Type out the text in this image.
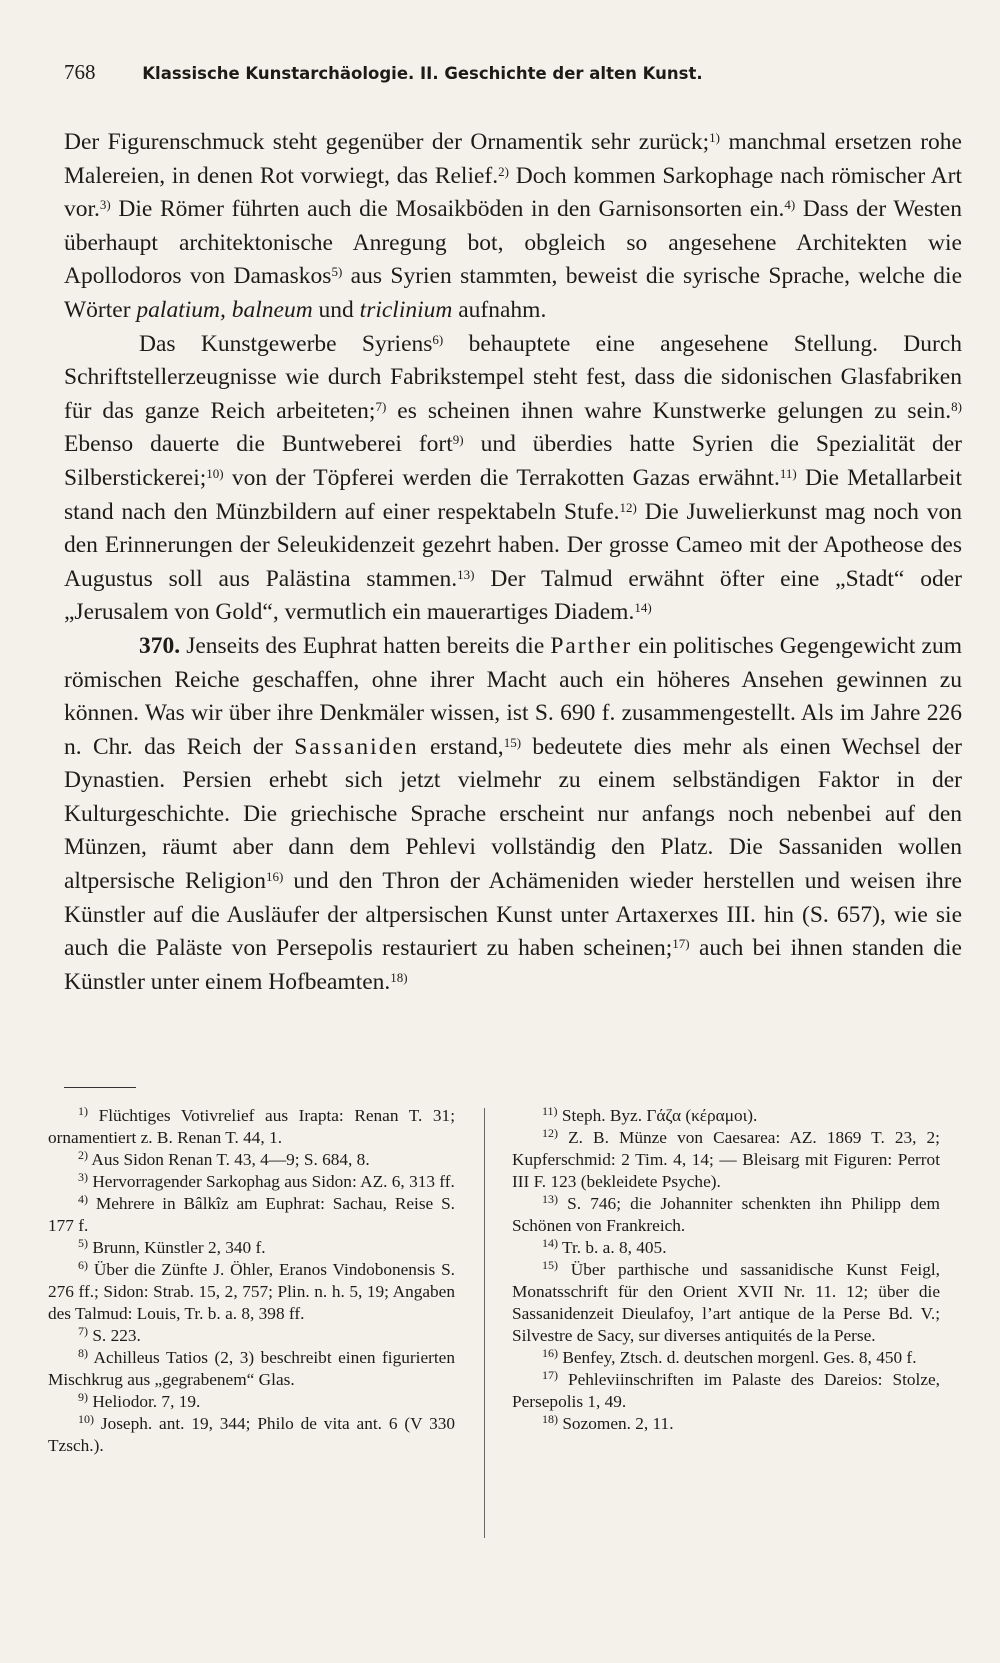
768	Klassische Kunstarchäologie. II. Geschichte der alten Kunst.

Der Figurenschmuck steht gegenüber der Ornamentik sehr zurück;$^{1)}$ manchmal ersetzen rohe Malereien, in denen Rot vorwiegt, das Relief.$^{2)}$ Doch kommen Sarkophage nach römischer Art vor.$^{3)}$ Die Römer führten auch die Mosaikböden in den Garnisonsorten ein.$^{4)}$ Dass der Westen überhaupt architektonische Anregung bot, obgleich so angesehene Architekten wie Apollodoros von Damaskos$^{5)}$ aus Syrien stammten, beweist die syrische Sprache, welche die Wörter palatium, balneum und triclinium aufnahm.

Das Kunstgewerbe Syriens$^{6)}$ behauptete eine angesehene Stellung. Durch Schriftstellerzeugnisse wie durch Fabrikstempel steht fest, dass die sidonischen Glasfabriken für das ganze Reich arbeiteten;$^{7)}$ es scheinen ihnen wahre Kunstwerke gelungen zu sein.$^{8)}$ Ebenso dauerte die Buntweberei fort$^{9)}$ und überdies hatte Syrien die Spezialität der Silberstickerei;$^{10)}$ von der Töpferei werden die Terrakotten Gazas erwähnt.$^{11)}$ Die Metallarbeit stand nach den Münzbildern auf einer respektabeln Stufe.$^{12)}$ Die Juwelierkunst mag noch von den Erinnerungen der Seleukidenzeit gezehrt haben. Der grosse Cameo mit der Apotheose des Augustus soll aus Palästina stammen.$^{13)}$ Der Talmud erwähnt öfter eine „Stadt“ oder „Jerusalem von Gold“, vermutlich ein mauerartiges Diadem.$^{14)}$

370. Jenseits des Euphrat hatten bereits die Parther ein politisches Gegengewicht zum römischen Reiche geschaffen, ohne ihrer Macht auch ein höheres Ansehen gewinnen zu können. Was wir über ihre Denkmäler wissen, ist S. 690 f. zusammengestellt. Als im Jahre 226 n. Chr. das Reich der Sassaniden erstand,$^{15)}$ bedeutete dies mehr als einen Wechsel der Dynastien. Persien erhebt sich jetzt vielmehr zu einem selbständigen Faktor in der Kulturgeschichte. Die griechische Sprache erscheint nur anfangs noch nebenbei auf den Münzen, räumt aber dann dem Pehlevi vollständig den Platz. Die Sassaniden wollen altpersische Religion$^{16)}$ und den Thron der Achämeniden wieder herstellen und weisen ihre Künstler auf die Ausläufer der altpersischen Kunst unter Artaxerxes III. hin (S. 657), wie sie auch die Paläste von Persepolis restauriert zu haben scheinen;$^{17)}$ auch bei ihnen standen die Künstler unter einem Hofbeamten.$^{18)}$

$^{1)}$ Flüchtiges Votivrelief aus Irapta: Renan T. 31; ornamentiert z. B. Renan T. 44, 1.

$^{2)}$ Aus Sidon Renan T. 43, 4—9; S. 684, 8.

$^{3)}$ Hervorragender Sarkophag aus Sidon: AZ. 6, 313 ff.

$^{4)}$ Mehrere in Bâlkîz am Euphrat: Sachau, Reise S. 177 f.

$^{5)}$ Brunn, Künstler 2, 340 f.

$^{6)}$ Über die Zünfte J. Öhler, Eranos Vindobonensis S. 276 ff.; Sidon: Strab. 15, 2, 757; Plin. n. h. 5, 19; Angaben des Talmud: Louis, Tr. b. a. 8, 398 ff.

$^{7)}$ S. 223.

$^{8)}$ Achilleus Tatios (2, 3) beschreibt einen figurierten Mischkrug aus „gegrabenem“ Glas.

$^{9)}$ Heliodor. 7, 19.

$^{10)}$ Joseph. ant. 19, 344; Philo de vita ant. 6 (V 330 Tzsch.).

$^{11)}$ Steph. Byz. Γάζα (κέραμοι).

$^{12)}$ Z. B. Münze von Caesarea: AZ. 1869 T. 23, 2; Kupferschmid: 2 Tim. 4, 14; — Bleisarg mit Figuren: Perrot III F. 123 (bekleidete Psyche).

$^{13)}$ S. 746; die Johanniter schenkten ihn Philipp dem Schönen von Frankreich.

$^{14)}$ Tr. b. a. 8, 405.

$^{15)}$ Über parthische und sassanidische Kunst Feigl, Monatsschrift für den Orient XVII Nr. 11. 12; über die Sassanidenzeit Dieulafoy, l’art antique de la Perse Bd. V.; Silvestre de Sacy, sur diverses antiquités de la Perse.

$^{16)}$ Benfey, Ztsch. d. deutschen morgenl. Ges. 8, 450 f.

$^{17)}$ Pehleviinschriften im Palaste des Dareios: Stolze, Persepolis 1, 49.

$^{18)}$ Sozomen. 2, 11.
